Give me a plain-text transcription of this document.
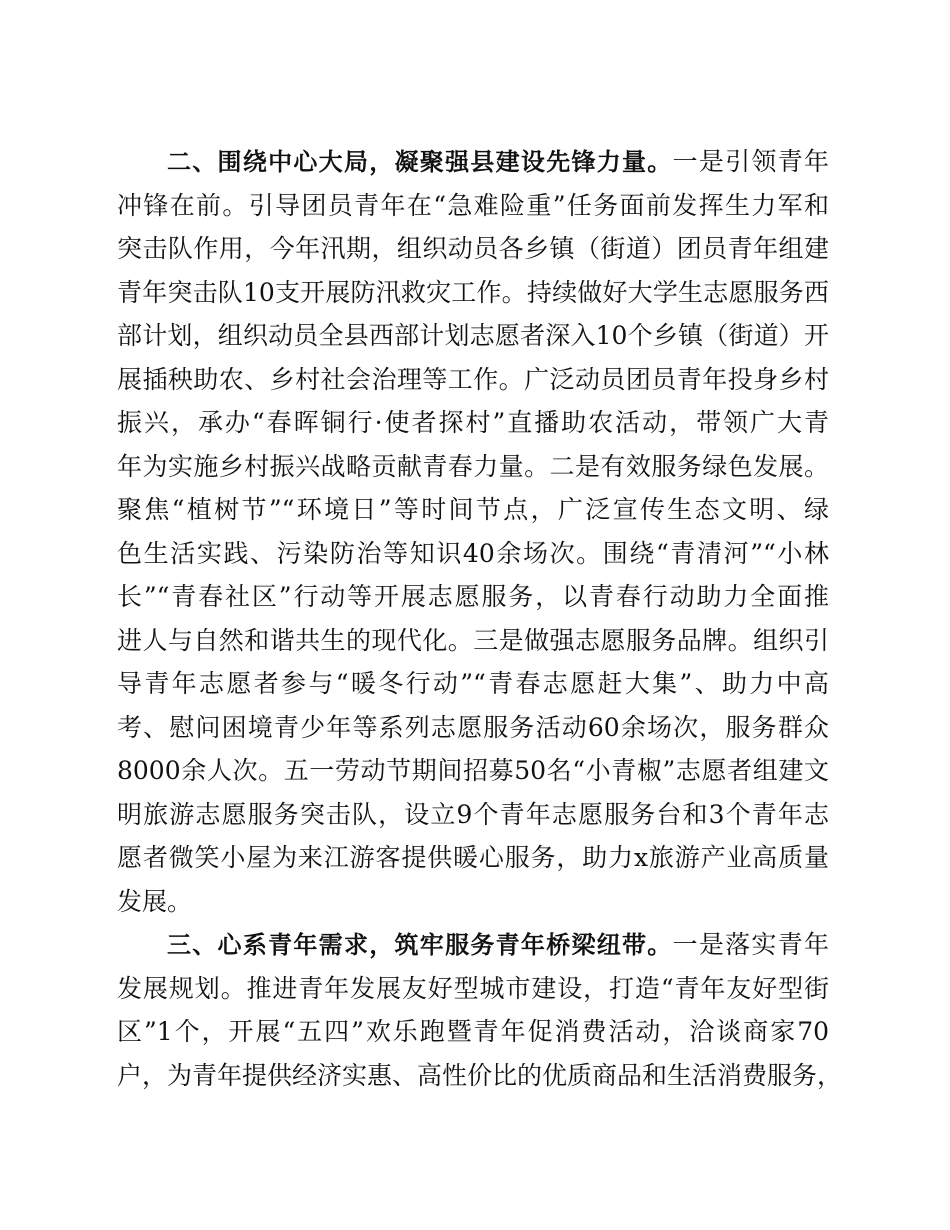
二、围绕中心大局，凝聚强县建设先锋力量。一是引领青年
冲锋在前。引导团员青年在“急难险重”任务面前发挥生力军和
突击队作用，今年汛期，组织动员各乡镇（街道）团员青年组建
青年突击队10支开展防汛救灾工作。持续做好大学生志愿服务西
部计划，组织动员全县西部计划志愿者深入10个乡镇（街道）开
展插秧助农、乡村社会治理等工作。广泛动员团员青年投身乡村
振兴，承办“春晖铜行·使者探村”直播助农活动，带领广大青
年为实施乡村振兴战略贡献青春力量。二是有效服务绿色发展。
聚焦“植树节”“环境日”等时间节点，广泛宣传生态文明、绿
色生活实践、污染防治等知识40余场次。围绕“青清河”“小林
长”“青春社区”行动等开展志愿服务，以青春行动助力全面推
进人与自然和谐共生的现代化。三是做强志愿服务品牌。组织引
导青年志愿者参与“暖冬行动”“青春志愿赶大集”、助力中高
考、慰问困境青少年等系列志愿服务活动60余场次，服务群众
8000余人次。五一劳动节期间招募50名“小青椒”志愿者组建文
明旅游志愿服务突击队，设立9个青年志愿服务台和3个青年志
愿者微笑小屋为来江游客提供暖心服务，助力x旅游产业高质量
发展。
三、心系青年需求，筑牢服务青年桥梁纽带。一是落实青年
发展规划。推进青年发展友好型城市建设，打造“青年友好型街
区”1个，开展“五四”欢乐跑暨青年促消费活动，洽谈商家70
户，为青年提供经济实惠、高性价比的优质商品和生活消费服务，
